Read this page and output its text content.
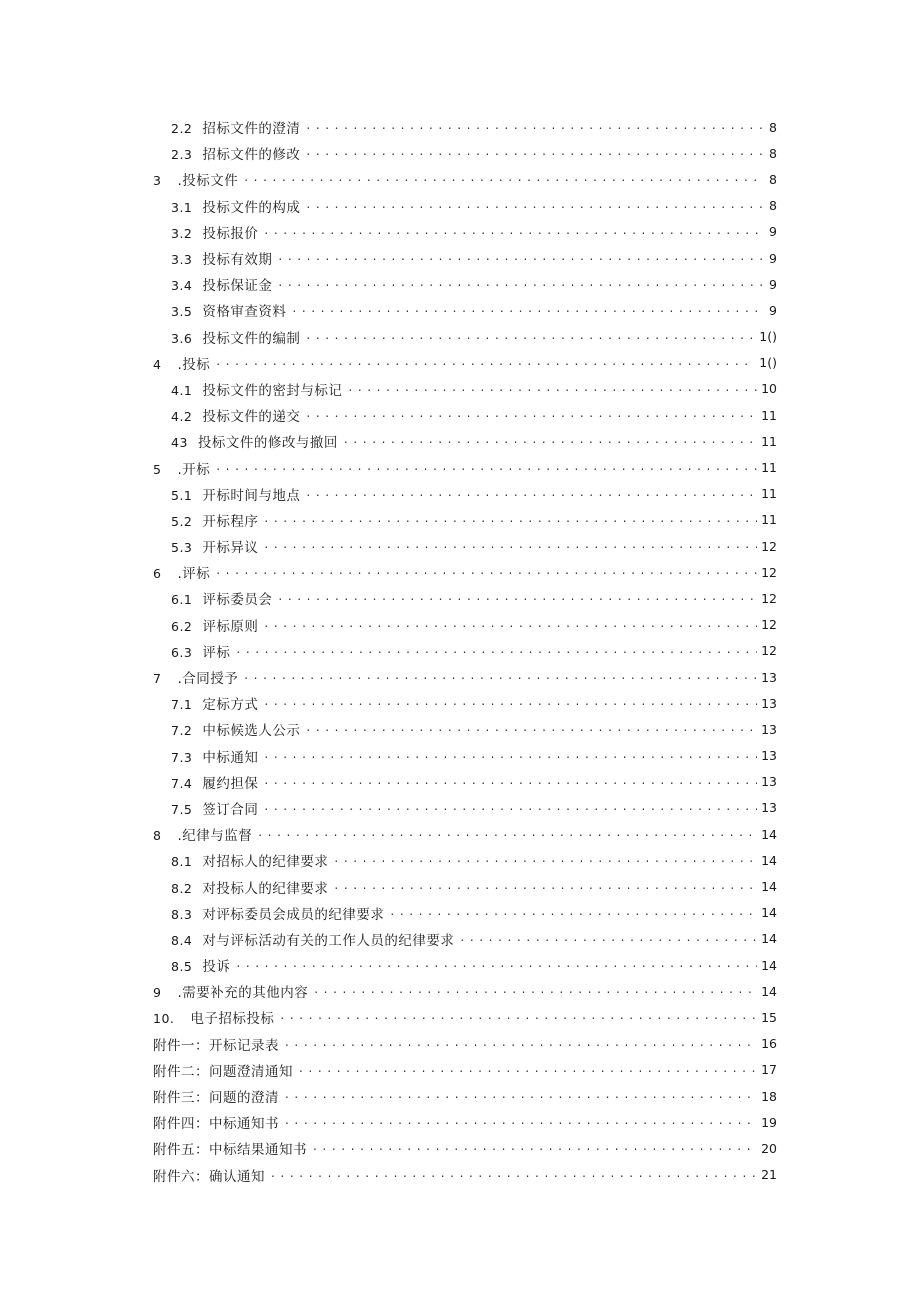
2.2 招标文件的澄清 . . .	8
2.3 招标文件的修改 . . .	8
3 .投标文件 . . .	8
3.1 投标文件的构成 . . .	8
3.2 投标报价 . . .	9
3.3 投标有效期 . . .	9
3.4 投标保证金 . . .	9
3.5 资格审查资料 . . .	9
3.6 投标文件的编制 . . .	1()
4 .投标 . . .	1()
4.1 投标文件的密封与标记 . . .	10
4.2 投标文件的递交 . . .	11
43 投标文件的修改与撤回 . . .	11
5 .开标 . . .	11
5.1 开标时间与地点 . . .	11
5.2 开标程序 . . .	11
5.3 开标异议 . . .	12
6 .评标 . . .	12
6.1 评标委员会 . . .	12
6.2 评标原则 . . .	12
6.3 评标 . . .	12
7 .合同授予 . . .	13
7.1 定标方式 . . .	13
7.2 中标候选人公示 . . .	13
7.3 中标通知 . . .	13
7.4 履约担保 . . .	13
7.5 签订合同 . . .	13
8 .纪律与监督 . . .	14
8.1 对招标人的纪律要求 . . .	14
8.2 对投标人的纪律要求 . . .	14
8.3 对评标委员会成员的纪律要求 . . .	14
8.4 对与评标活动有关的工作人员的纪律要求 . . .	14
8.5 投诉 . . .	14
9 .需要补充的其他内容 . . .	14
10. 电子招标投标 . . .	15
附件一：开标记录表 . . .	16
附件二：问题澄清通知 . . .	17
附件三：问题的澄清 . . .	18
附件四：中标通知书 . . .	19
附件五：中标结果通知书 . . .	20
附件六：确认通知 . . .	21
